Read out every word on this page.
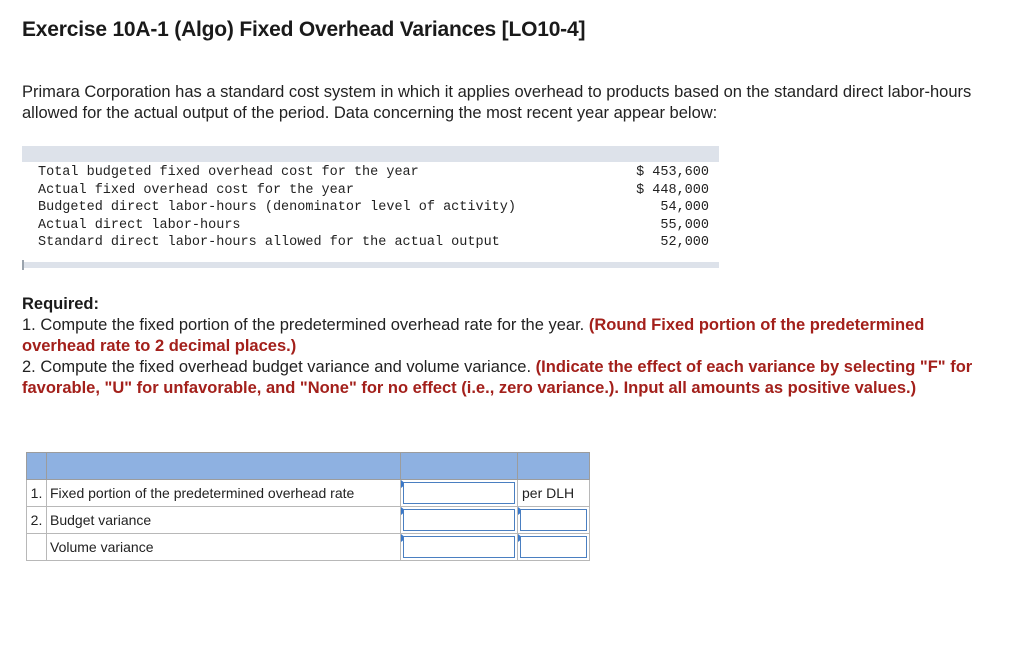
Exercise 10A-1 (Algo) Fixed Overhead Variances [LO10-4]

Primara Corporation has a standard cost system in which it applies overhead to products based on the standard direct labor-hours allowed for the actual output of the period. Data concerning the most recent year appear below:

Total budgeted fixed overhead cost for the year	$ 453,600
Actual fixed overhead cost for the year	$ 448,000
Budgeted direct labor-hours (denominator level of activity)	54,000
Actual direct labor-hours	55,000
Standard direct labor-hours allowed for the actual output	52,000
Required:
1. Compute the fixed portion of the predetermined overhead rate for the year. (Round Fixed portion of the predetermined overhead rate to 2 decimal places.)
2. Compute the fixed overhead budget variance and volume variance. (Indicate the effect of each variance by selecting "F" for favorable, "U" for unfavorable, and "None" for no effect (i.e., zero variance.). Input all amounts as positive values.)

1.	Fixed portion of the predetermined overhead rate		per DLH
2.	Budget variance	

	Volume variance	
